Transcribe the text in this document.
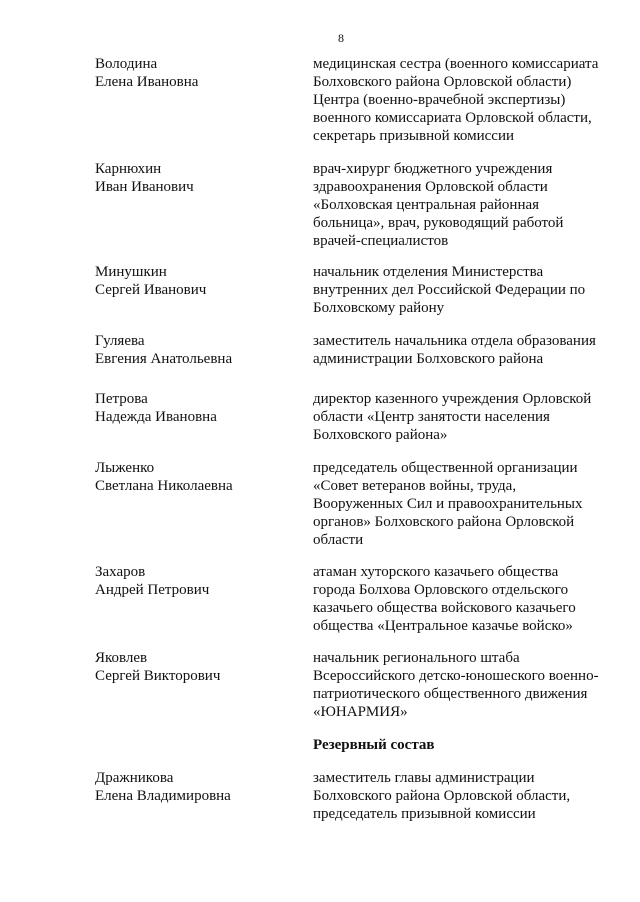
8
Володина
Елена Ивановна
медицинская сестра (военного комиссариата
Болховского района Орловской области)
Центра (военно-врачебной экспертизы)
военного комиссариата Орловской области,
секретарь призывной комиссии
Карнюхин
Иван Иванович
врач-хирург бюджетного учреждения
здравоохранения Орловской области
«Болховская центральная районная
больница», врач, руководящий работой
врачей-специалистов
Минушкин
Сергей Иванович
начальник отделения Министерства
внутренних дел Российской Федерации по
Болховскому району
Гуляева
Евгения Анатольевна
заместитель начальника отдела образования
администрации Болховского района
Петрова
Надежда Ивановна
директор казенного учреждения Орловской
области «Центр занятости населения
Болховского района»
Лыженко
Светлана Николаевна
председатель общественной организации
«Совет ветеранов войны, труда,
Вооруженных Сил и правоохранительных
органов» Болховского района Орловской
области
Захаров
Андрей Петрович
атаман хуторского казачьего общества
города Болхова Орловского отдельского
казачьего общества войскового казачьего
общества «Центральное казачье войско»
Яковлев
Сергей Викторович
начальник регионального штаба
Всероссийского детско-юношеского военно-
патриотического общественного движения
«ЮНАРМИЯ»
Резервный состав
Дражникова
Елена Владимировна
заместитель главы администрации
Болховского района Орловской области,
председатель призывной комиссии
